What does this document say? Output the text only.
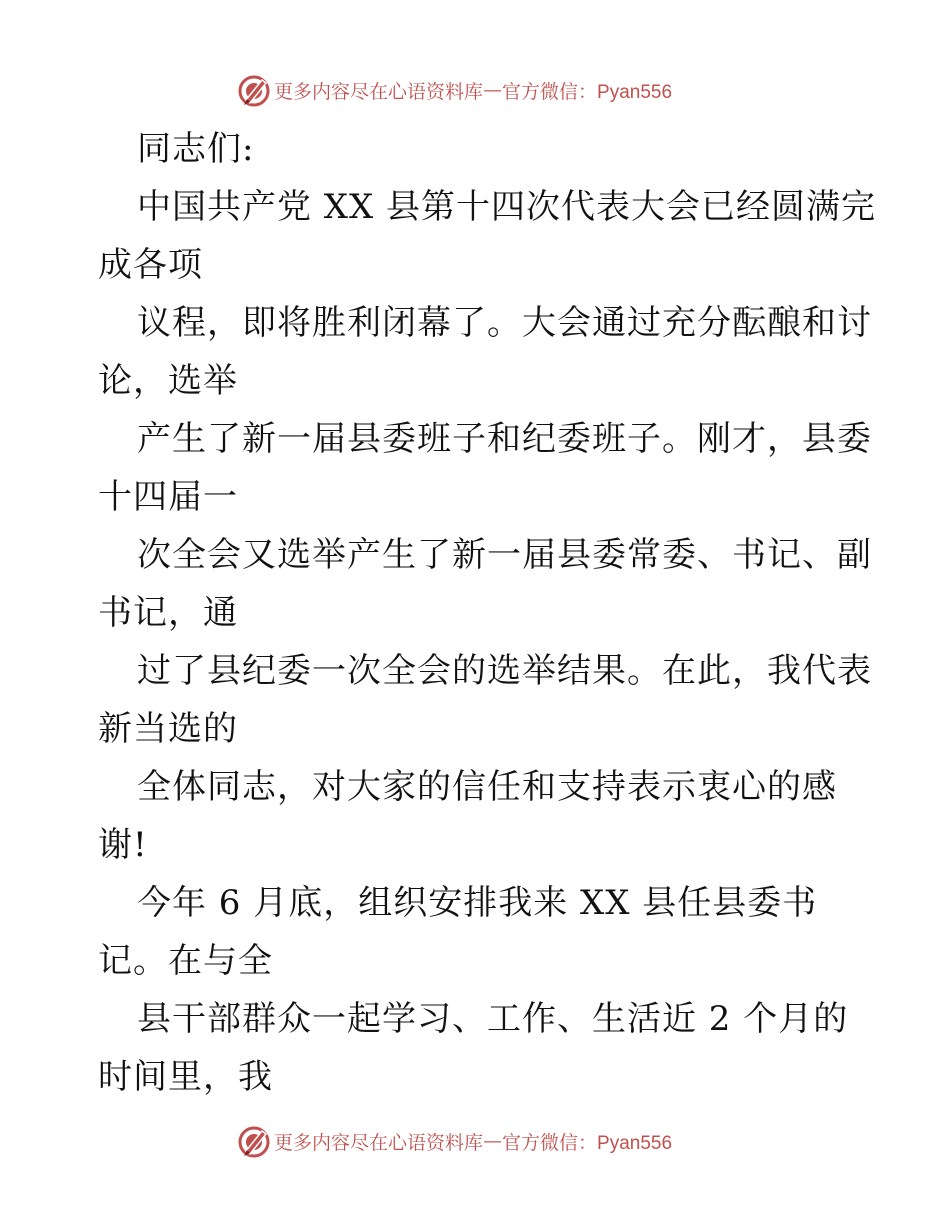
更多内容尽在心语资料库 — 官方微信：Pyan556

同志们:

中国共产党 XX 县第十四次代表大会已经圆满完

成各项

议程，即将胜利闭幕了。大会通过充分酝酿和讨

论，选举

产生了新一届县委班子和纪委班子。刚才，县委

十四届一

次全会又选举产生了新一届县委常委、书记、副

书记，通

过了县纪委一次全会的选举结果。在此，我代表

新当选的

全体同志，对大家的信任和支持表示衷心的感

谢!

今年 6 月底，组织安排我来 XX 县任县委书

记。在与全

县干部群众一起学习、工作、生活近 2 个月的

时间里，我

更多内容尽在心语资料库 — 官方微信：Pyan556
